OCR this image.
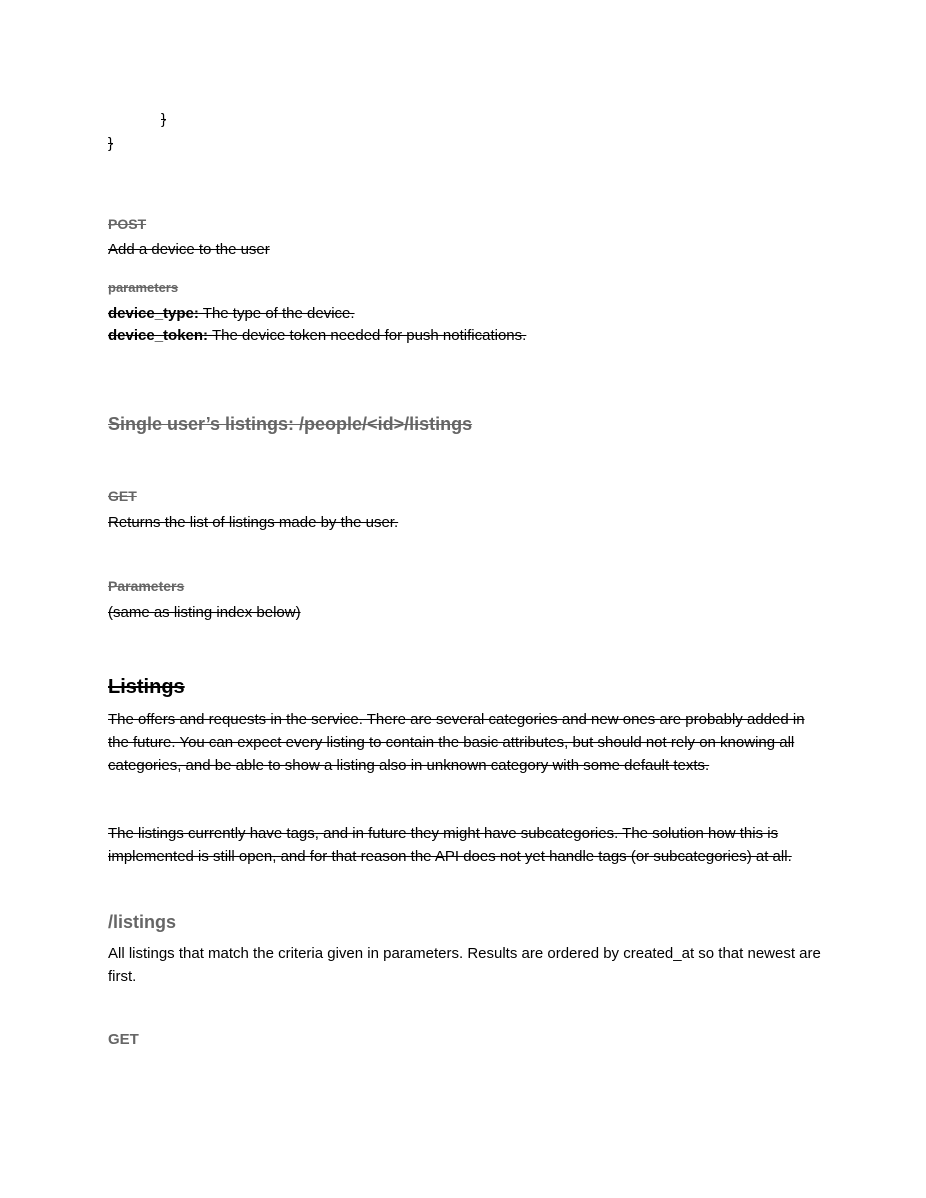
}
}
POST
Add a device to the user
parameters
device_type: The type of the device.
device_token: The device token needed for push notifications.
Single user’s listings: /people/<id>/listings
GET
Returns the list of listings made by the user.
Parameters
(same as listing index below)
Listings
The offers and requests in the service. There are several categories and new ones are probably added in the future. You can expect every listing to contain the basic attributes, but should not rely on knowing all categories, and be able to show a listing also in unknown category with some default texts.
The listings currently have tags, and in future they might have subcategories. The solution how this is implemented is still open, and for that reason the API does not yet handle tags (or subcategories) at all.
/listings
All listings that match the criteria given in parameters. Results are ordered by created_at so that newest are first.
GET
